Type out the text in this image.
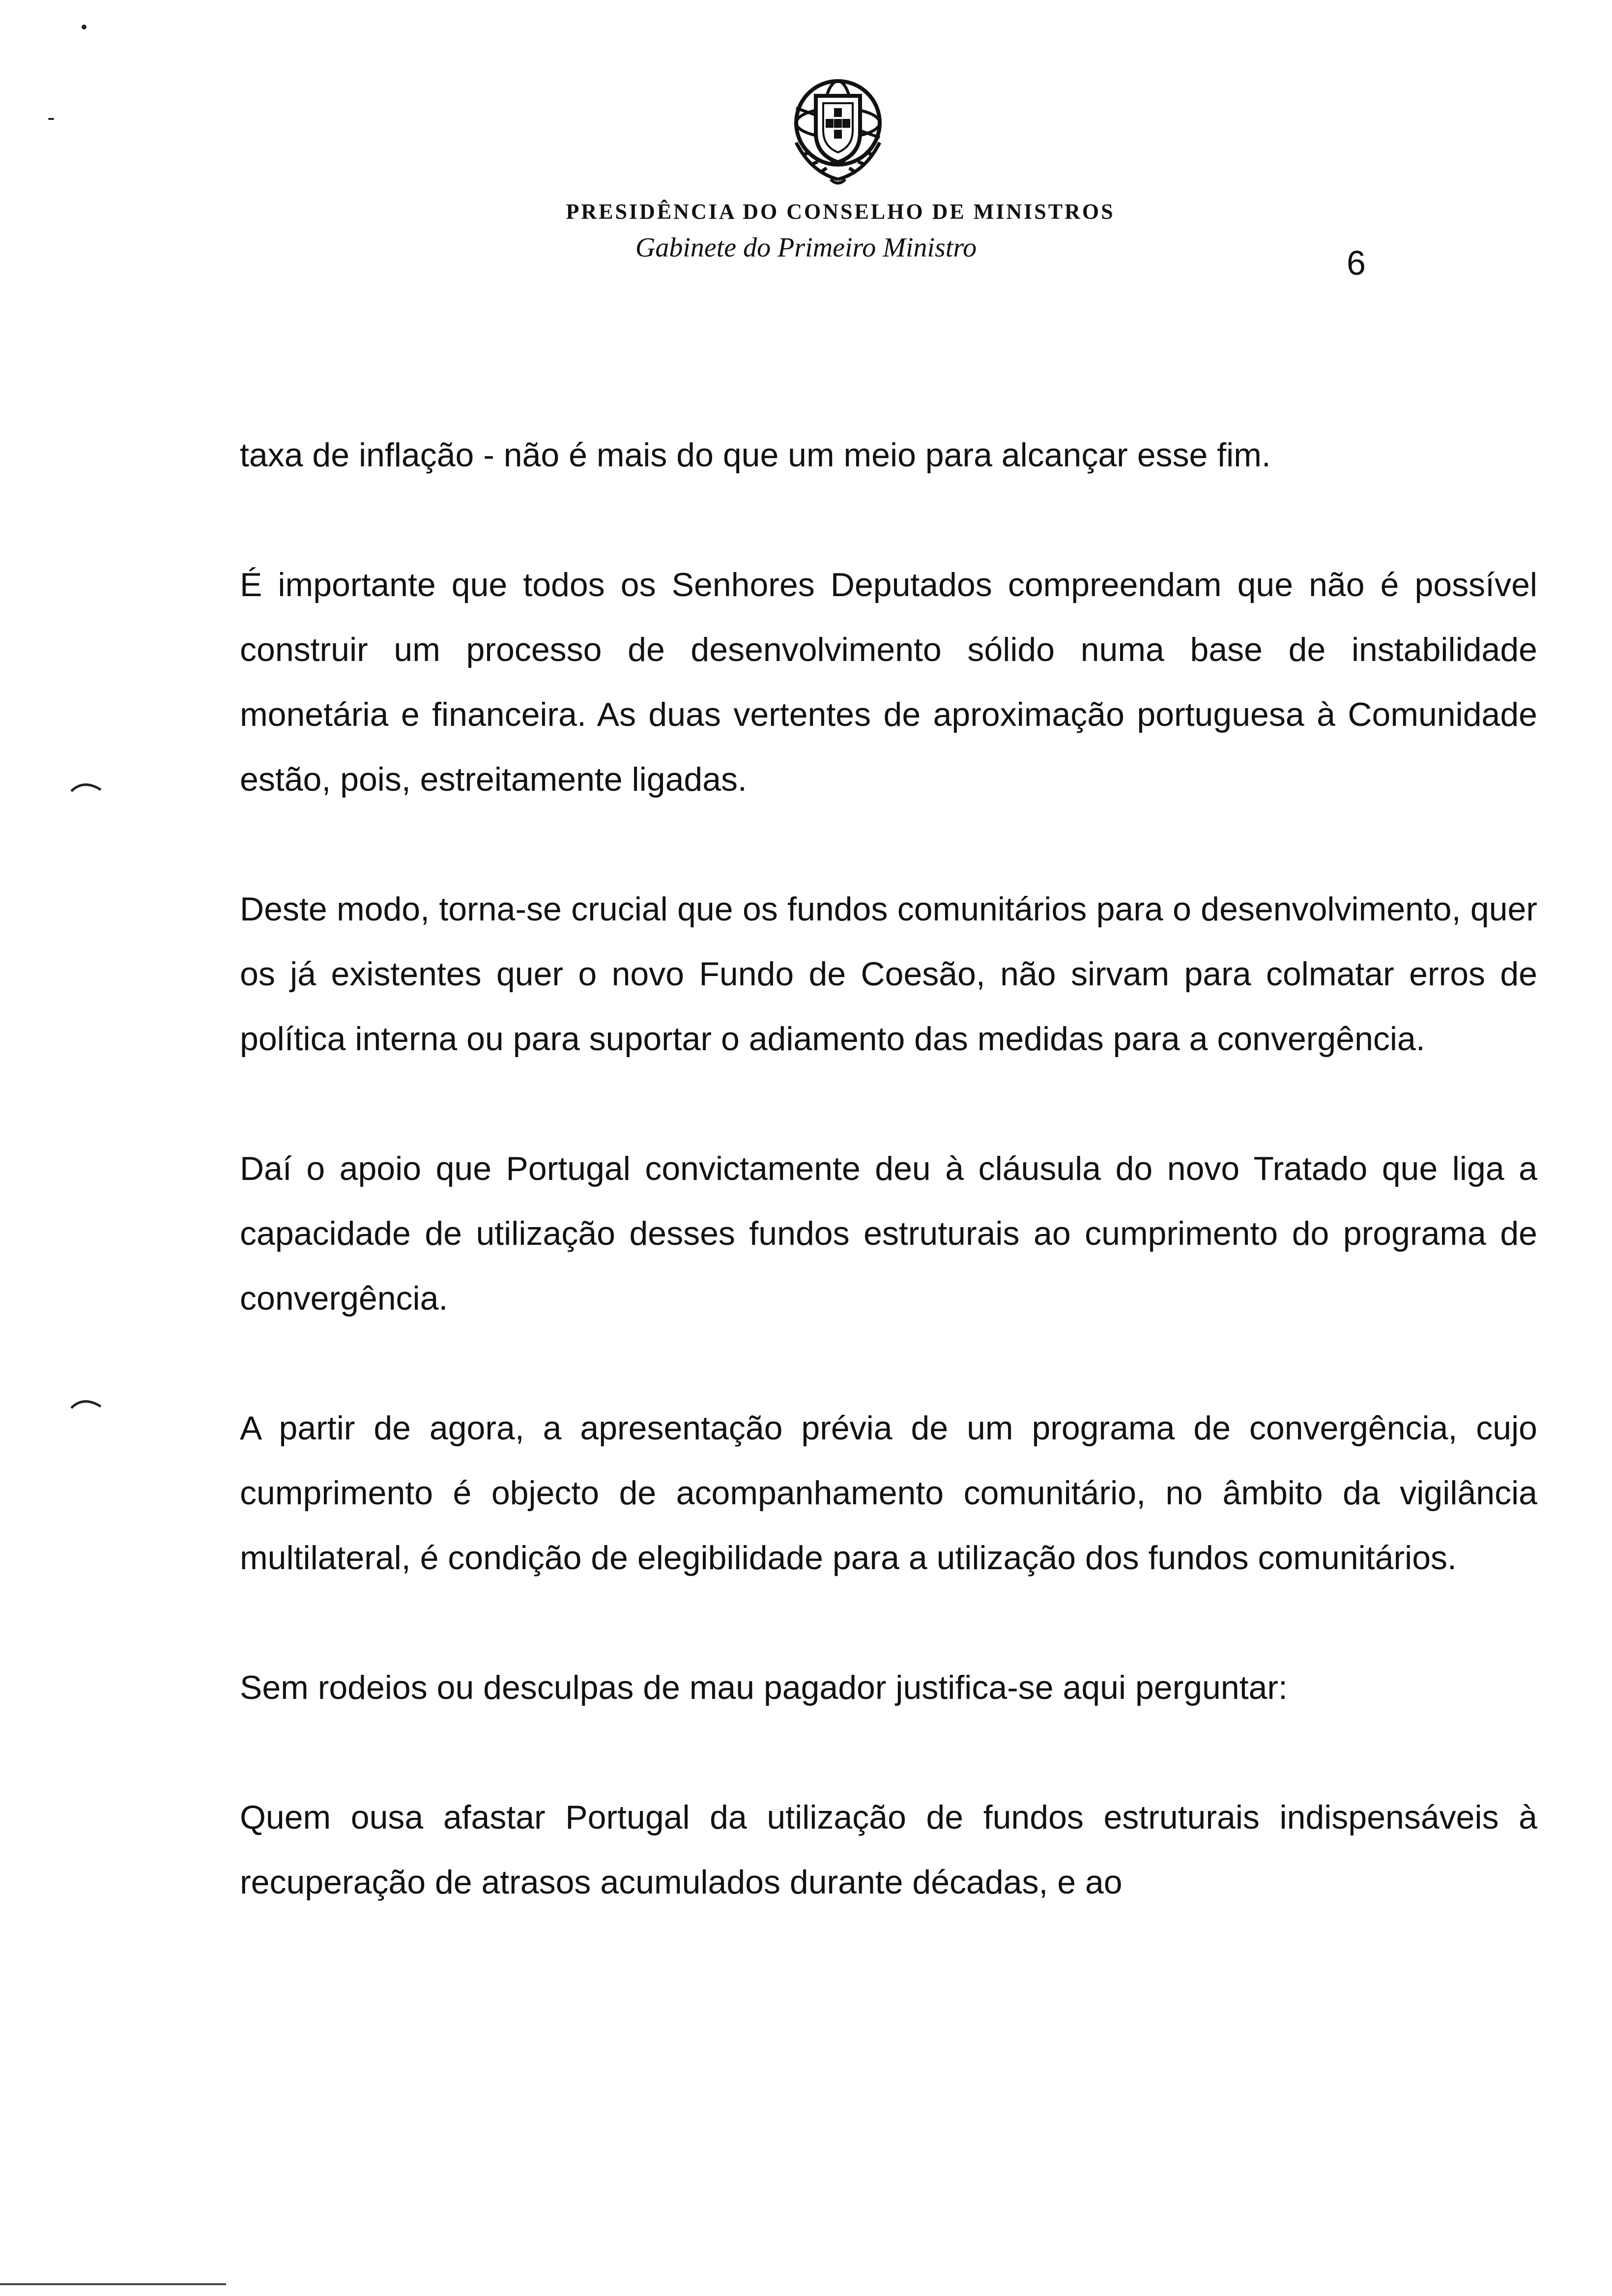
PRESIDÊNCIA DO CONSELHO DE MINISTROS
Gabinete do Primeiro Ministro	6

taxa de inflação - não é mais do que um meio para alcançar esse fim.

É importante que todos os Senhores Deputados compreendam que não é possível construir um processo de desenvolvimento sólido numa base de instabilidade monetária e financeira. As duas vertentes de aproximação portuguesa à Comunidade estão, pois, estreitamente ligadas.

Deste modo, torna-se crucial que os fundos comunitários para o desenvolvimento, quer os já existentes quer o novo Fundo de Coesão, não sirvam para colmatar erros de política interna ou para suportar o adiamento das medidas para a convergência.

Daí o apoio que Portugal convictamente deu à cláusula do novo Tratado que liga a capacidade de utilização desses fundos estruturais ao cumprimento do programa de convergência.

A partir de agora, a apresentação prévia de um programa de convergência, cujo cumprimento é objecto de acompanhamento comunitário, no âmbito da vigilância multilateral, é condição de elegibilidade para a utilização dos fundos comunitários.

Sem rodeios ou desculpas de mau pagador justifica-se aqui perguntar:

Quem ousa afastar Portugal da utilização de fundos estruturais indispensáveis à recuperação de atrasos acumulados durante décadas, e ao
